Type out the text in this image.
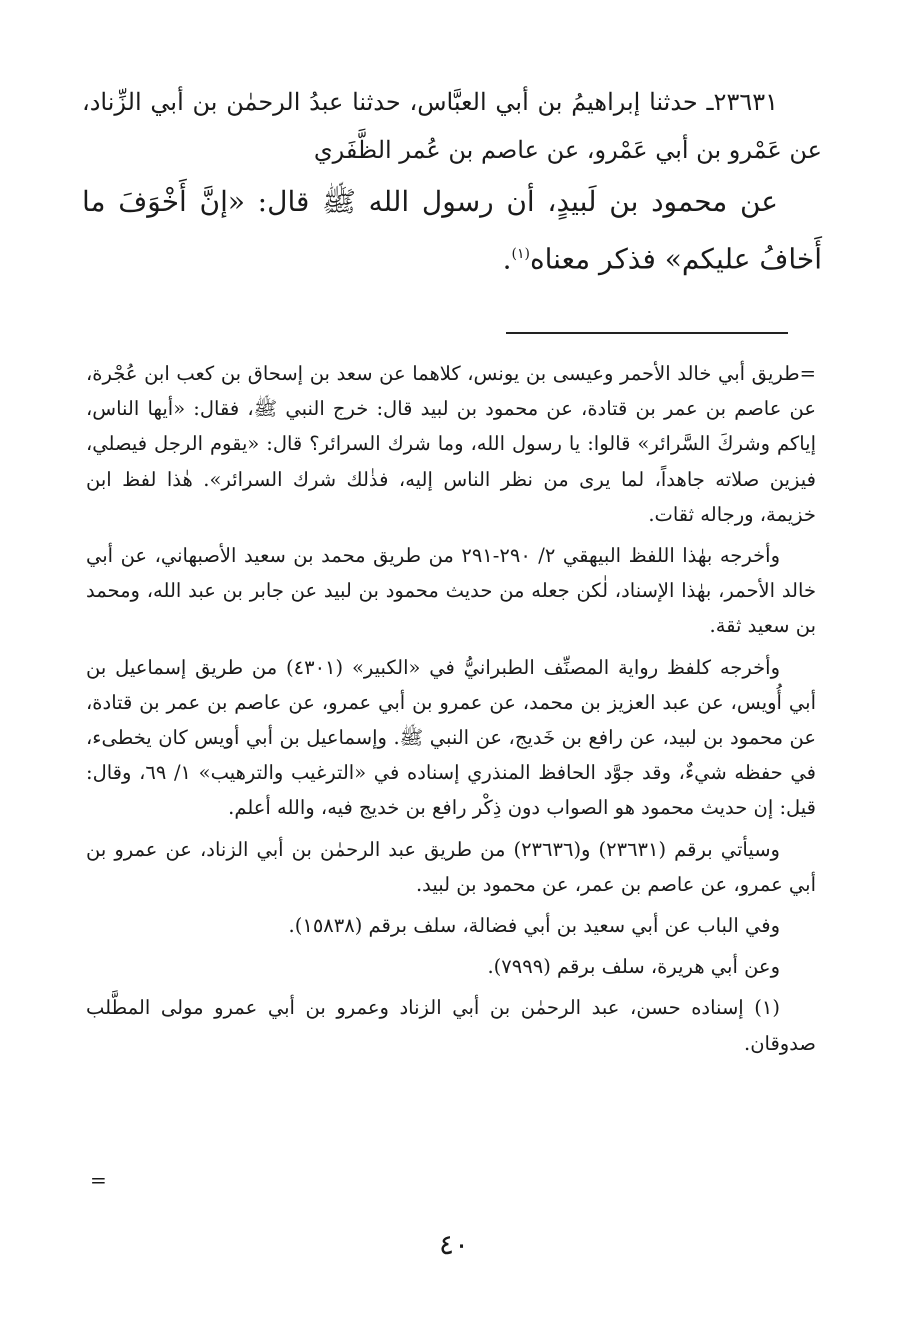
٢٣٦٣١ـ حدثنا إبراهيمُ بن أبي العبَّاس، حدثنا عبدُ الرحمٰن بن أبي الزِّناد، عن عَمْرو بن أبي عَمْرو، عن عاصم بن عُمر الظَّفَري

عن محمود بن لَبيدٍ، أن رسول الله ﷺ قال: «إنَّ أَخْوَفَ ما أَخافُ عليكم» فذكر معناه$^{(١)}$.

=طريق أبي خالد الأحمر وعيسى بن يونس، كلاهما عن سعد بن إسحاق بن كعب ابن عُجْرة، عن عاصم بن عمر بن قتادة، عن محمود بن لبيد قال: خرج النبي ﷺ، فقال: «أيها الناس، إياكم وشركَ السَّرائر» قالوا: يا رسول الله، وما شرك السرائر؟ قال: «يقوم الرجل فيصلي، فيزين صلاته جاهداً، لما يرى من نظر الناس إليه، فذٰلك شرك السرائر». هٰذا لفظ ابن خزيمة، ورجاله ثقات.

وأخرجه بهٰذا اللفظ البيهقي ٢/ ٢٩٠-٢٩١ من طريق محمد بن سعيد الأصبهاني، عن أبي خالد الأحمر، بهٰذا الإسناد، لٰكن جعله من حديث محمود بن لبيد عن جابر بن عبد الله، ومحمد بن سعيد ثقة.

وأخرجه كلفظ رواية المصنِّف الطبرانيُّ في «الكبير» (٤٣٠١) من طريق إسماعيل بن أبي أُويس، عن عبد العزيز بن محمد، عن عمرو بن أبي عمرو، عن عاصم بن عمر بن قتادة، عن محمود بن لبيد، عن رافع بن خَديج، عن النبي ﷺ. وإسماعيل بن أبي أويس كان يخطىء، في حفظه شيءٌ، وقد جوَّد الحافظ المنذري إسناده في «الترغيب والترهيب» ١/ ٦٩، وقال: قيل: إن حديث محمود هو الصواب دون ذِكْر رافع بن خديج فيه، والله أعلم.

وسيأتي برقم (٢٣٦٣١) و(٢٣٦٣٦) من طريق عبد الرحمٰن بن أبي الزناد، عن عمرو بن أبي عمرو، عن عاصم بن عمر، عن محمود بن لبيد.

وفي الباب عن أبي سعيد بن أبي فضالة، سلف برقم (١٥٨٣٨).

وعن أبي هريرة، سلف برقم (٧٩٩٩).

(١) إسناده حسن، عبد الرحمٰن بن أبي الزناد وعمرو بن أبي عمرو مولى المطَّلب صدوقان.

=
٤٠
